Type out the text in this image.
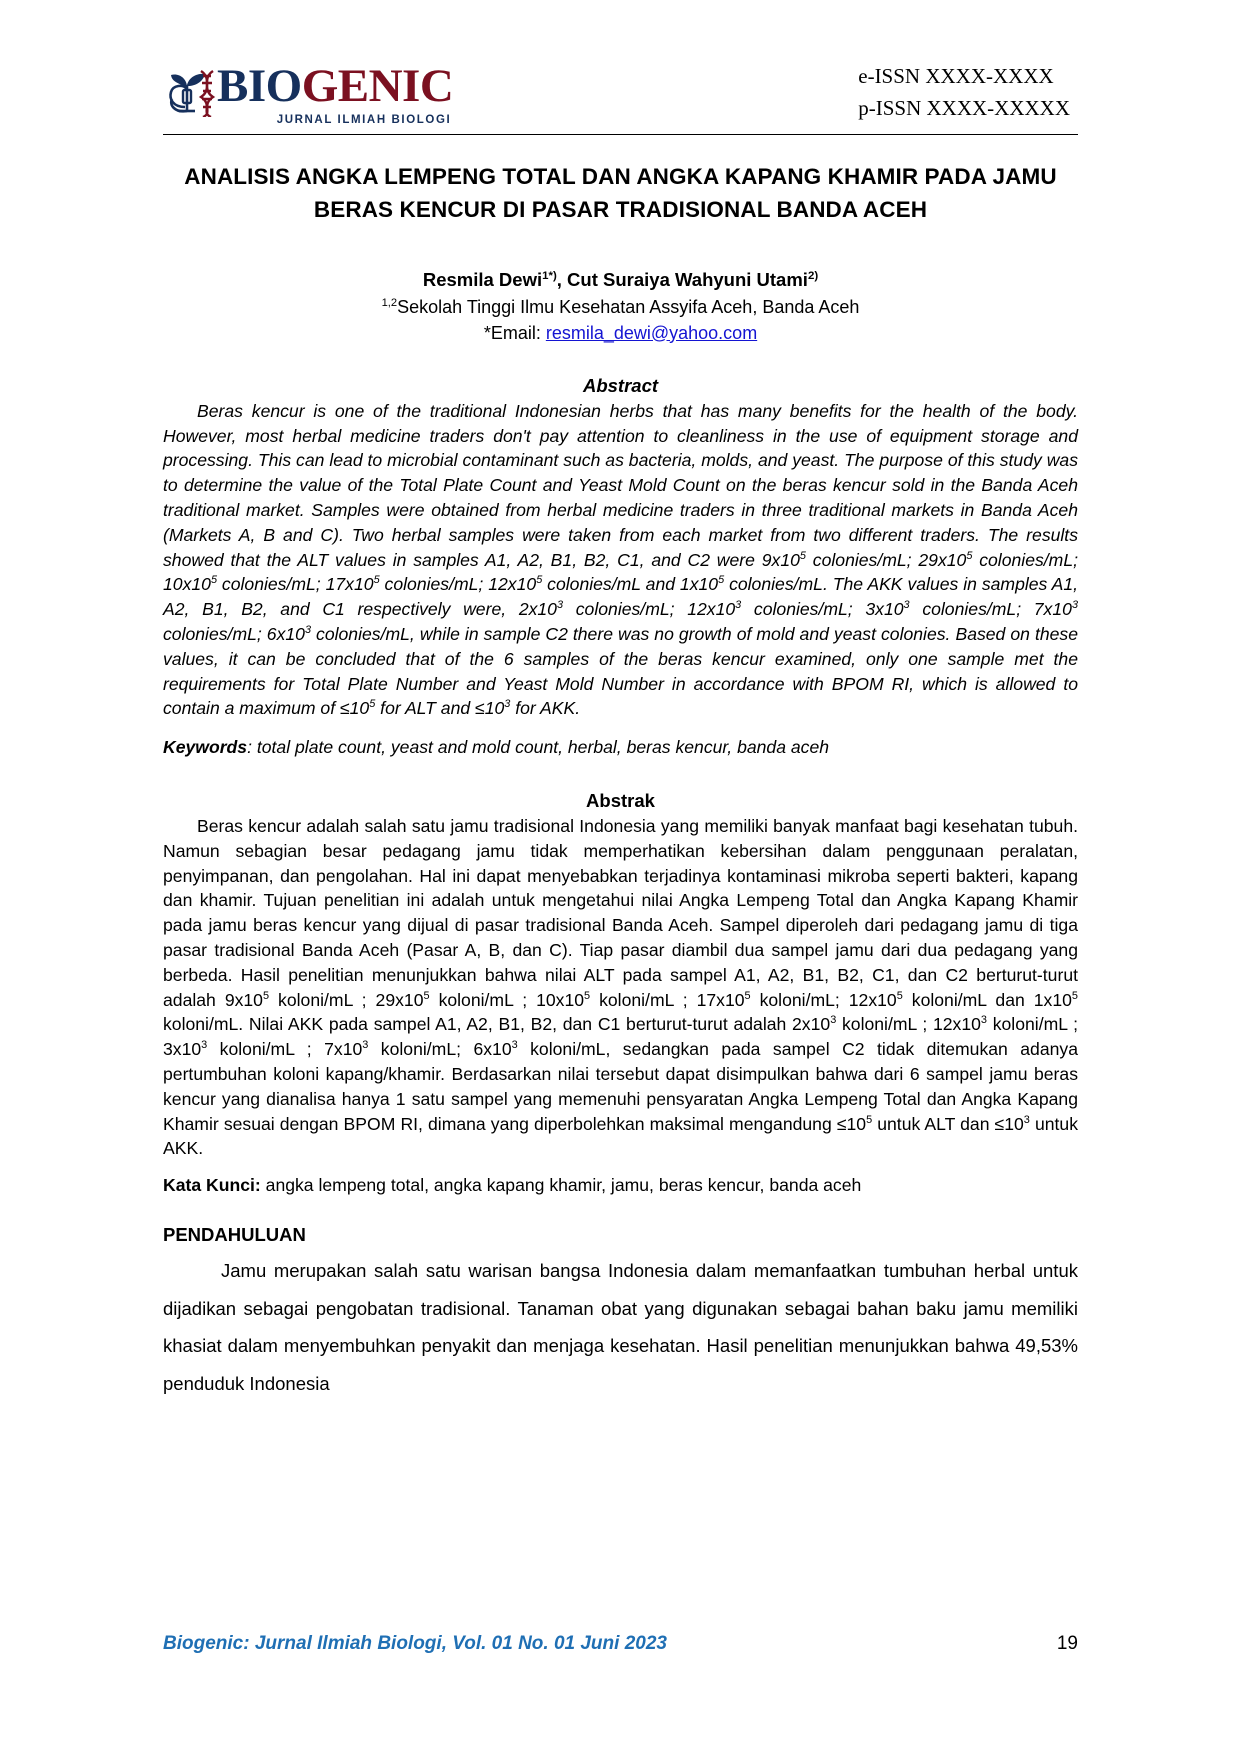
BIOGENIC
JURNAL ILMIAH BIOLOGI
e-ISSN XXXX-XXXX
p-ISSN XXXX-XXXXX
ANALISIS ANGKA LEMPENG TOTAL DAN ANGKA KAPANG KHAMIR PADA JAMU BERAS KENCUR DI PASAR TRADISIONAL BANDA ACEH
Resmila Dewi$^{1*)}$, Cut Suraiya Wahyuni Utami$^{2)}$
$^{1,2}$Sekolah Tinggi Ilmu Kesehatan Assyifa Aceh, Banda Aceh
*Email: resmila_dewi@yahoo.com
Abstract
Beras kencur is one of the traditional Indonesian herbs that has many benefits for the health of the body. However, most herbal medicine traders don't pay attention to cleanliness in the use of equipment storage and processing. This can lead to microbial contaminant such as bacteria, molds, and yeast. The purpose of this study was to determine the value of the Total Plate Count and Yeast Mold Count on the beras kencur sold in the Banda Aceh traditional market. Samples were obtained from herbal medicine traders in three traditional markets in Banda Aceh (Markets A, B and C). Two herbal samples were taken from each market from two different traders. The results showed that the ALT values in samples A1, A2, B1, B2, C1, and C2 were $9x10^5$ colonies/mL; $29x10^5$ colonies/mL; $10x10^5$ colonies/mL; $17x10^5$ colonies/mL; $12x10^5$ colonies/mL and $1x10^5$ colonies/mL. The AKK values in samples A1, A2, B1, B2, and C1 respectively were, $2x10^3$ colonies/mL; $12x10^3$ colonies/mL; $3x10^3$ colonies/mL; $7x10^3$ colonies/mL; $6x10^3$ colonies/mL, while in sample C2 there was no growth of mold and yeast colonies. Based on these values, it can be concluded that of the 6 samples of the beras kencur examined, only one sample met the requirements for Total Plate Number and Yeast Mold Number in accordance with BPOM RI, which is allowed to contain a maximum of $\le 10^5$ for ALT and $\le 10^3$ for AKK.
Keywords: total plate count, yeast and mold count, herbal, beras kencur, banda aceh
Abstrak
Beras kencur adalah salah satu jamu tradisional Indonesia yang memiliki banyak manfaat bagi kesehatan tubuh. Namun sebagian besar pedagang jamu tidak memperhatikan kebersihan dalam penggunaan peralatan, penyimpanan, dan pengolahan. Hal ini dapat menyebabkan terjadinya kontaminasi mikroba seperti bakteri, kapang dan khamir. Tujuan penelitian ini adalah untuk mengetahui nilai Angka Lempeng Total dan Angka Kapang Khamir pada jamu beras kencur yang dijual di pasar tradisional Banda Aceh. Sampel diperoleh dari pedagang jamu di tiga pasar tradisional Banda Aceh (Pasar A, B, dan C). Tiap pasar diambil dua sampel jamu dari dua pedagang yang berbeda. Hasil penelitian menunjukkan bahwa nilai ALT pada sampel A1, A2, B1, B2, C1, dan C2 berturut-turut adalah $9x10^5$ koloni/mL ; $29x10^5$ koloni/mL ; $10x10^5$ koloni/mL ; $17x10^5$ koloni/mL; $12x10^5$ koloni/mL dan $1x10^5$ koloni/mL. Nilai AKK pada sampel A1, A2, B1, B2, dan C1 berturut-turut adalah $2x10^3$ koloni/mL ; $12x10^3$ koloni/mL ; $3x10^3$ koloni/mL ; $7x10^3$ koloni/mL; $6x10^3$ koloni/mL, sedangkan pada sampel C2 tidak ditemukan adanya pertumbuhan koloni kapang/khamir. Berdasarkan nilai tersebut dapat disimpulkan bahwa dari 6 sampel jamu beras kencur yang dianalisa hanya 1 satu sampel yang memenuhi pensyaratan Angka Lempeng Total dan Angka Kapang Khamir sesuai dengan BPOM RI, dimana yang diperbolehkan maksimal mengandung $\le 10^5$ untuk ALT dan $\le 10^3$ untuk AKK.
Kata Kunci: angka lempeng total, angka kapang khamir, jamu, beras kencur, banda aceh
PENDAHULUAN

Jamu merupakan salah satu warisan bangsa Indonesia dalam memanfaatkan tumbuhan herbal untuk dijadikan sebagai pengobatan tradisional. Tanaman obat yang digunakan sebagai bahan baku jamu memiliki khasiat dalam menyembuhkan penyakit dan menjaga kesehatan. Hasil penelitian menunjukkan bahwa 49,53% penduduk Indonesia

Biogenic: Jurnal Ilmiah Biologi, Vol. 01 No. 01 Juni 2023	19
